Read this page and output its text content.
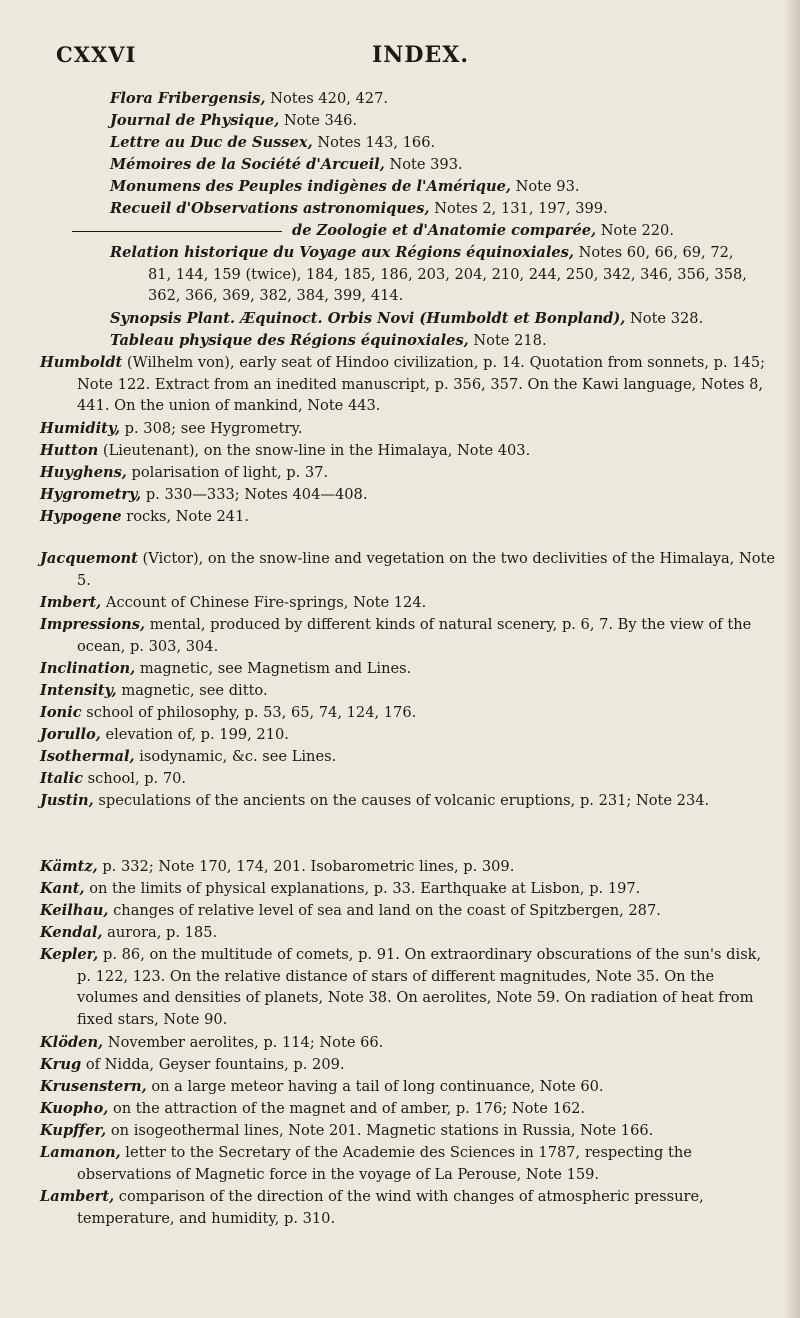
CXXVI	INDEX.
Flora Fribergensis, Notes 420, 427.
Journal de Physique, Note 346.
Lettre au Duc de Sussex, Notes 143, 166.
Mémoires de la Société d'Arcueil, Note 393.
Monumens des Peuples indigènes de l'Amérique, Note 93.
Recueil d'Observations astronomiques, Notes 2, 131, 197, 399.
de Zoologie et d'Anatomie comparée, Note 220.
Relation historique du Voyage aux Régions équinoxiales, Notes 60, 66, 69, 72, 81, 144, 159 (twice), 184, 185, 186, 203, 204, 210, 244, 250, 342, 346, 356, 358, 362, 366, 369, 382, 384, 399, 414.
Synopsis Plant. Æquinoct. Orbis Novi (Humboldt et Bonpland), Note 328.
Tableau physique des Régions équinoxiales, Note 218.
Humboldt (Wilhelm von), early seat of Hindoo civilization, p. 14. Quotation from sonnets, p. 145; Note 122. Extract from an inedited manuscript, p. 356, 357. On the Kawi language, Notes 8, 441. On the union of mankind, Note 443.
Humidity, p. 308; see Hygrometry.
Hutton (Lieutenant), on the snow-line in the Himalaya, Note 403.
Huyghens, polarisation of light, p. 37.
Hygrometry, p. 330—333; Notes 404—408.
Hypogene rocks, Note 241.
Jacquemont (Victor), on the snow-line and vegetation on the two declivities of the Himalaya, Note 5.
Imbert, Account of Chinese Fire-springs, Note 124.
Impressions, mental, produced by different kinds of natural scenery, p. 6, 7. By the view of the ocean, p. 303, 304.
Inclination, magnetic, see Magnetism and Lines.
Intensity, magnetic, see ditto.
Ionic school of philosophy, p. 53, 65, 74, 124, 176.
Jorullo, elevation of, p. 199, 210.
Isothermal, isodynamic, &c. see Lines.
Italic school, p. 70.
Justin, speculations of the ancients on the causes of volcanic eruptions, p. 231; Note 234.
Kämtz, p. 332; Note 170, 174, 201. Isobarometric lines, p. 309.
Kant, on the limits of physical explanations, p. 33. Earthquake at Lisbon, p. 197.
Keilhau, changes of relative level of sea and land on the coast of Spitzbergen, 287.
Kendal, aurora, p. 185.
Kepler, p. 86, on the multitude of comets, p. 91. On extraordinary obscurations of the sun's disk, p. 122, 123. On the relative distance of stars of different magnitudes, Note 35. On the volumes and densities of planets, Note 38. On aerolites, Note 59. On radiation of heat from fixed stars, Note 90.
Klöden, November aerolites, p. 114; Note 66.
Krug of Nidda, Geyser fountains, p. 209.
Krusenstern, on a large meteor having a tail of long continuance, Note 60.
Kuopho, on the attraction of the magnet and of amber, p. 176; Note 162.
Kupffer, on isogeothermal lines, Note 201. Magnetic stations in Russia, Note 166.
Lamanon, letter to the Secretary of the Academie des Sciences in 1787, respecting the observations of Magnetic force in the voyage of La Perouse, Note 159.
Lambert, comparison of the direction of the wind with changes of atmospheric pressure, temperature, and humidity, p. 310.
